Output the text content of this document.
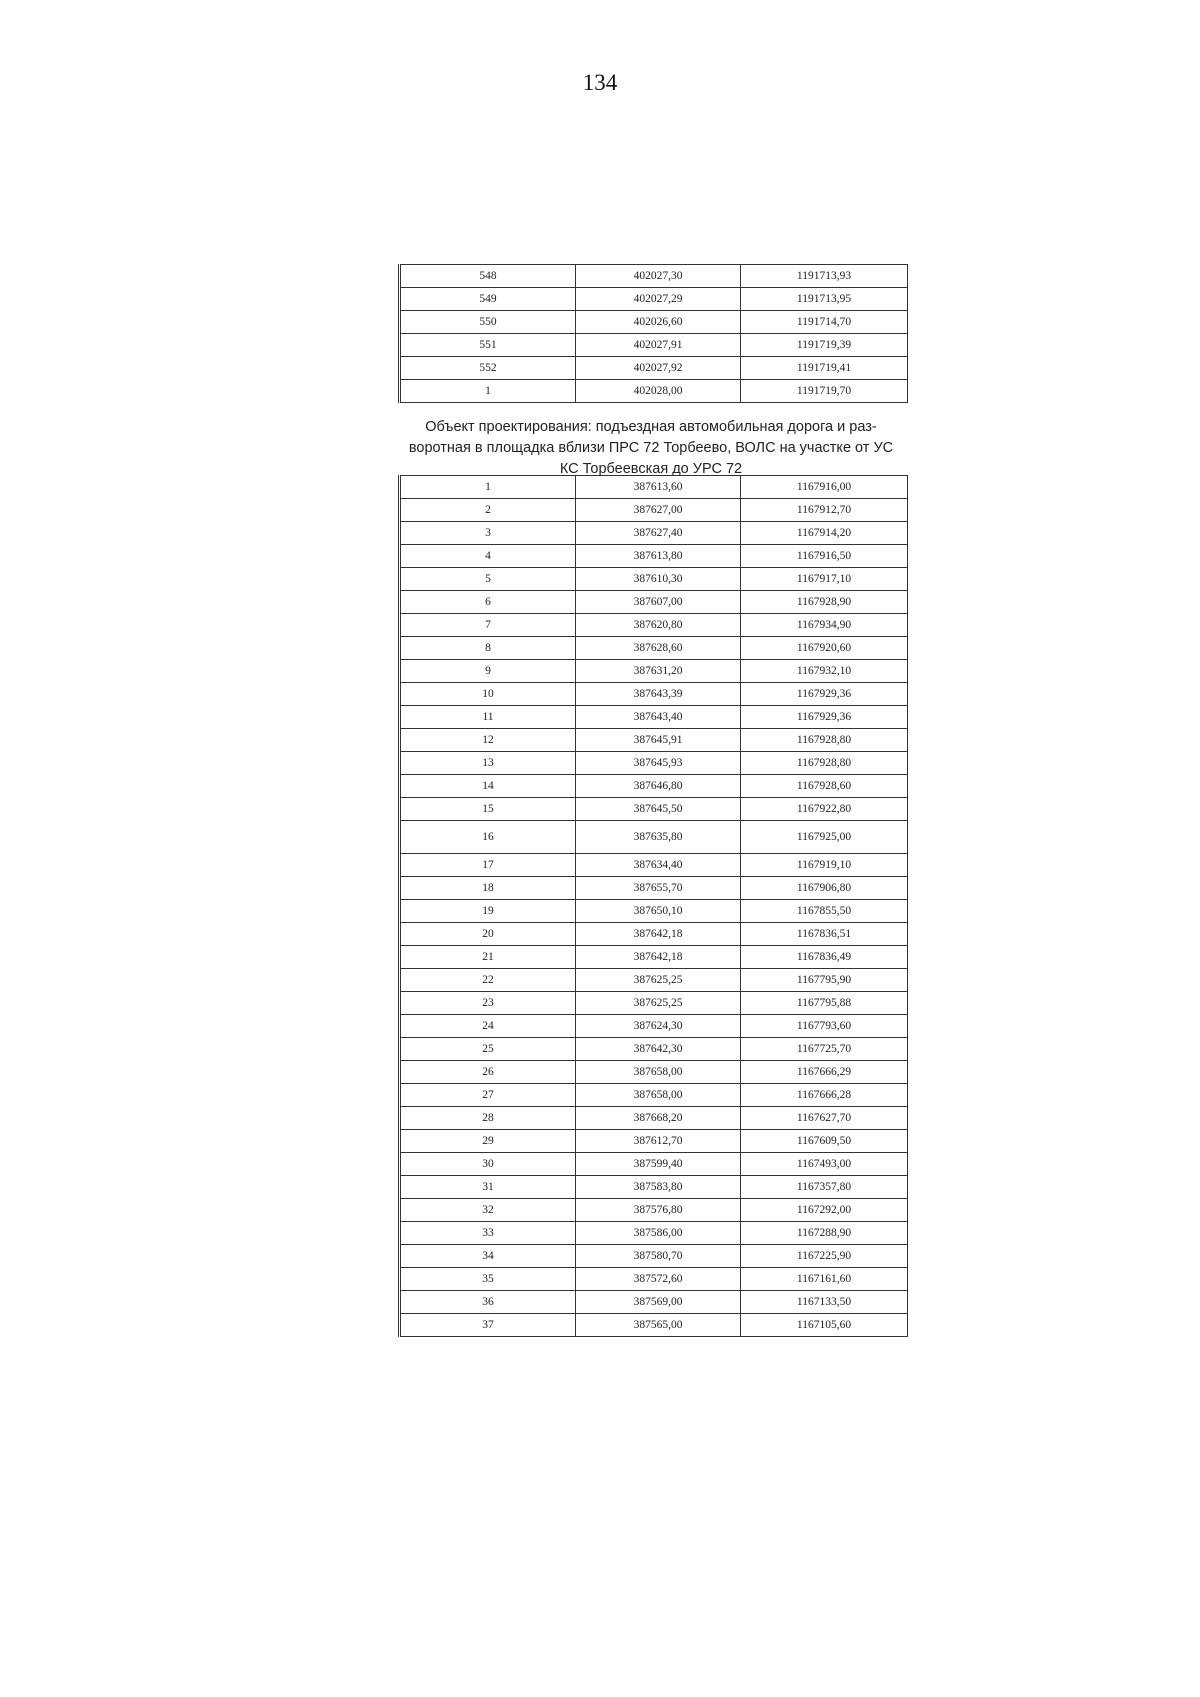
134
548	402027,30	1191713,93
549	402027,29	1191713,95
550	402026,60	1191714,70
551	402027,91	1191719,39
552	402027,92	1191719,41
1	402028,00	1191719,70

Объект проектирования: подъездная автомобильная дорога и раз-воротная в площадка вблизи ПРС 72 Торбеево, ВОЛС на участке от УС КС Торбеевская до УРС 72

1	387613,60	1167916,00
2	387627,00	1167912,70
3	387627,40	1167914,20
4	387613,80	1167916,50
5	387610,30	1167917,10
6	387607,00	1167928,90
7	387620,80	1167934,90
8	387628,60	1167920,60
9	387631,20	1167932,10
10	387643,39	1167929,36
11	387643,40	1167929,36
12	387645,91	1167928,80
13	387645,93	1167928,80
14	387646,80	1167928,60
15	387645,50	1167922,80
16	387635,80	1167925,00
17	387634,40	1167919,10
18	387655,70	1167906,80
19	387650,10	1167855,50
20	387642,18	1167836,51
21	387642,18	1167836,49
22	387625,25	1167795,90
23	387625,25	1167795,88
24	387624,30	1167793,60
25	387642,30	1167725,70
26	387658,00	1167666,29
27	387658,00	1167666,28
28	387668,20	1167627,70
29	387612,70	1167609,50
30	387599,40	1167493,00
31	387583,80	1167357,80
32	387576,80	1167292,00
33	387586,00	1167288,90
34	387580,70	1167225,90
35	387572,60	1167161,60
36	387569,00	1167133,50
37	387565,00	1167105,60
